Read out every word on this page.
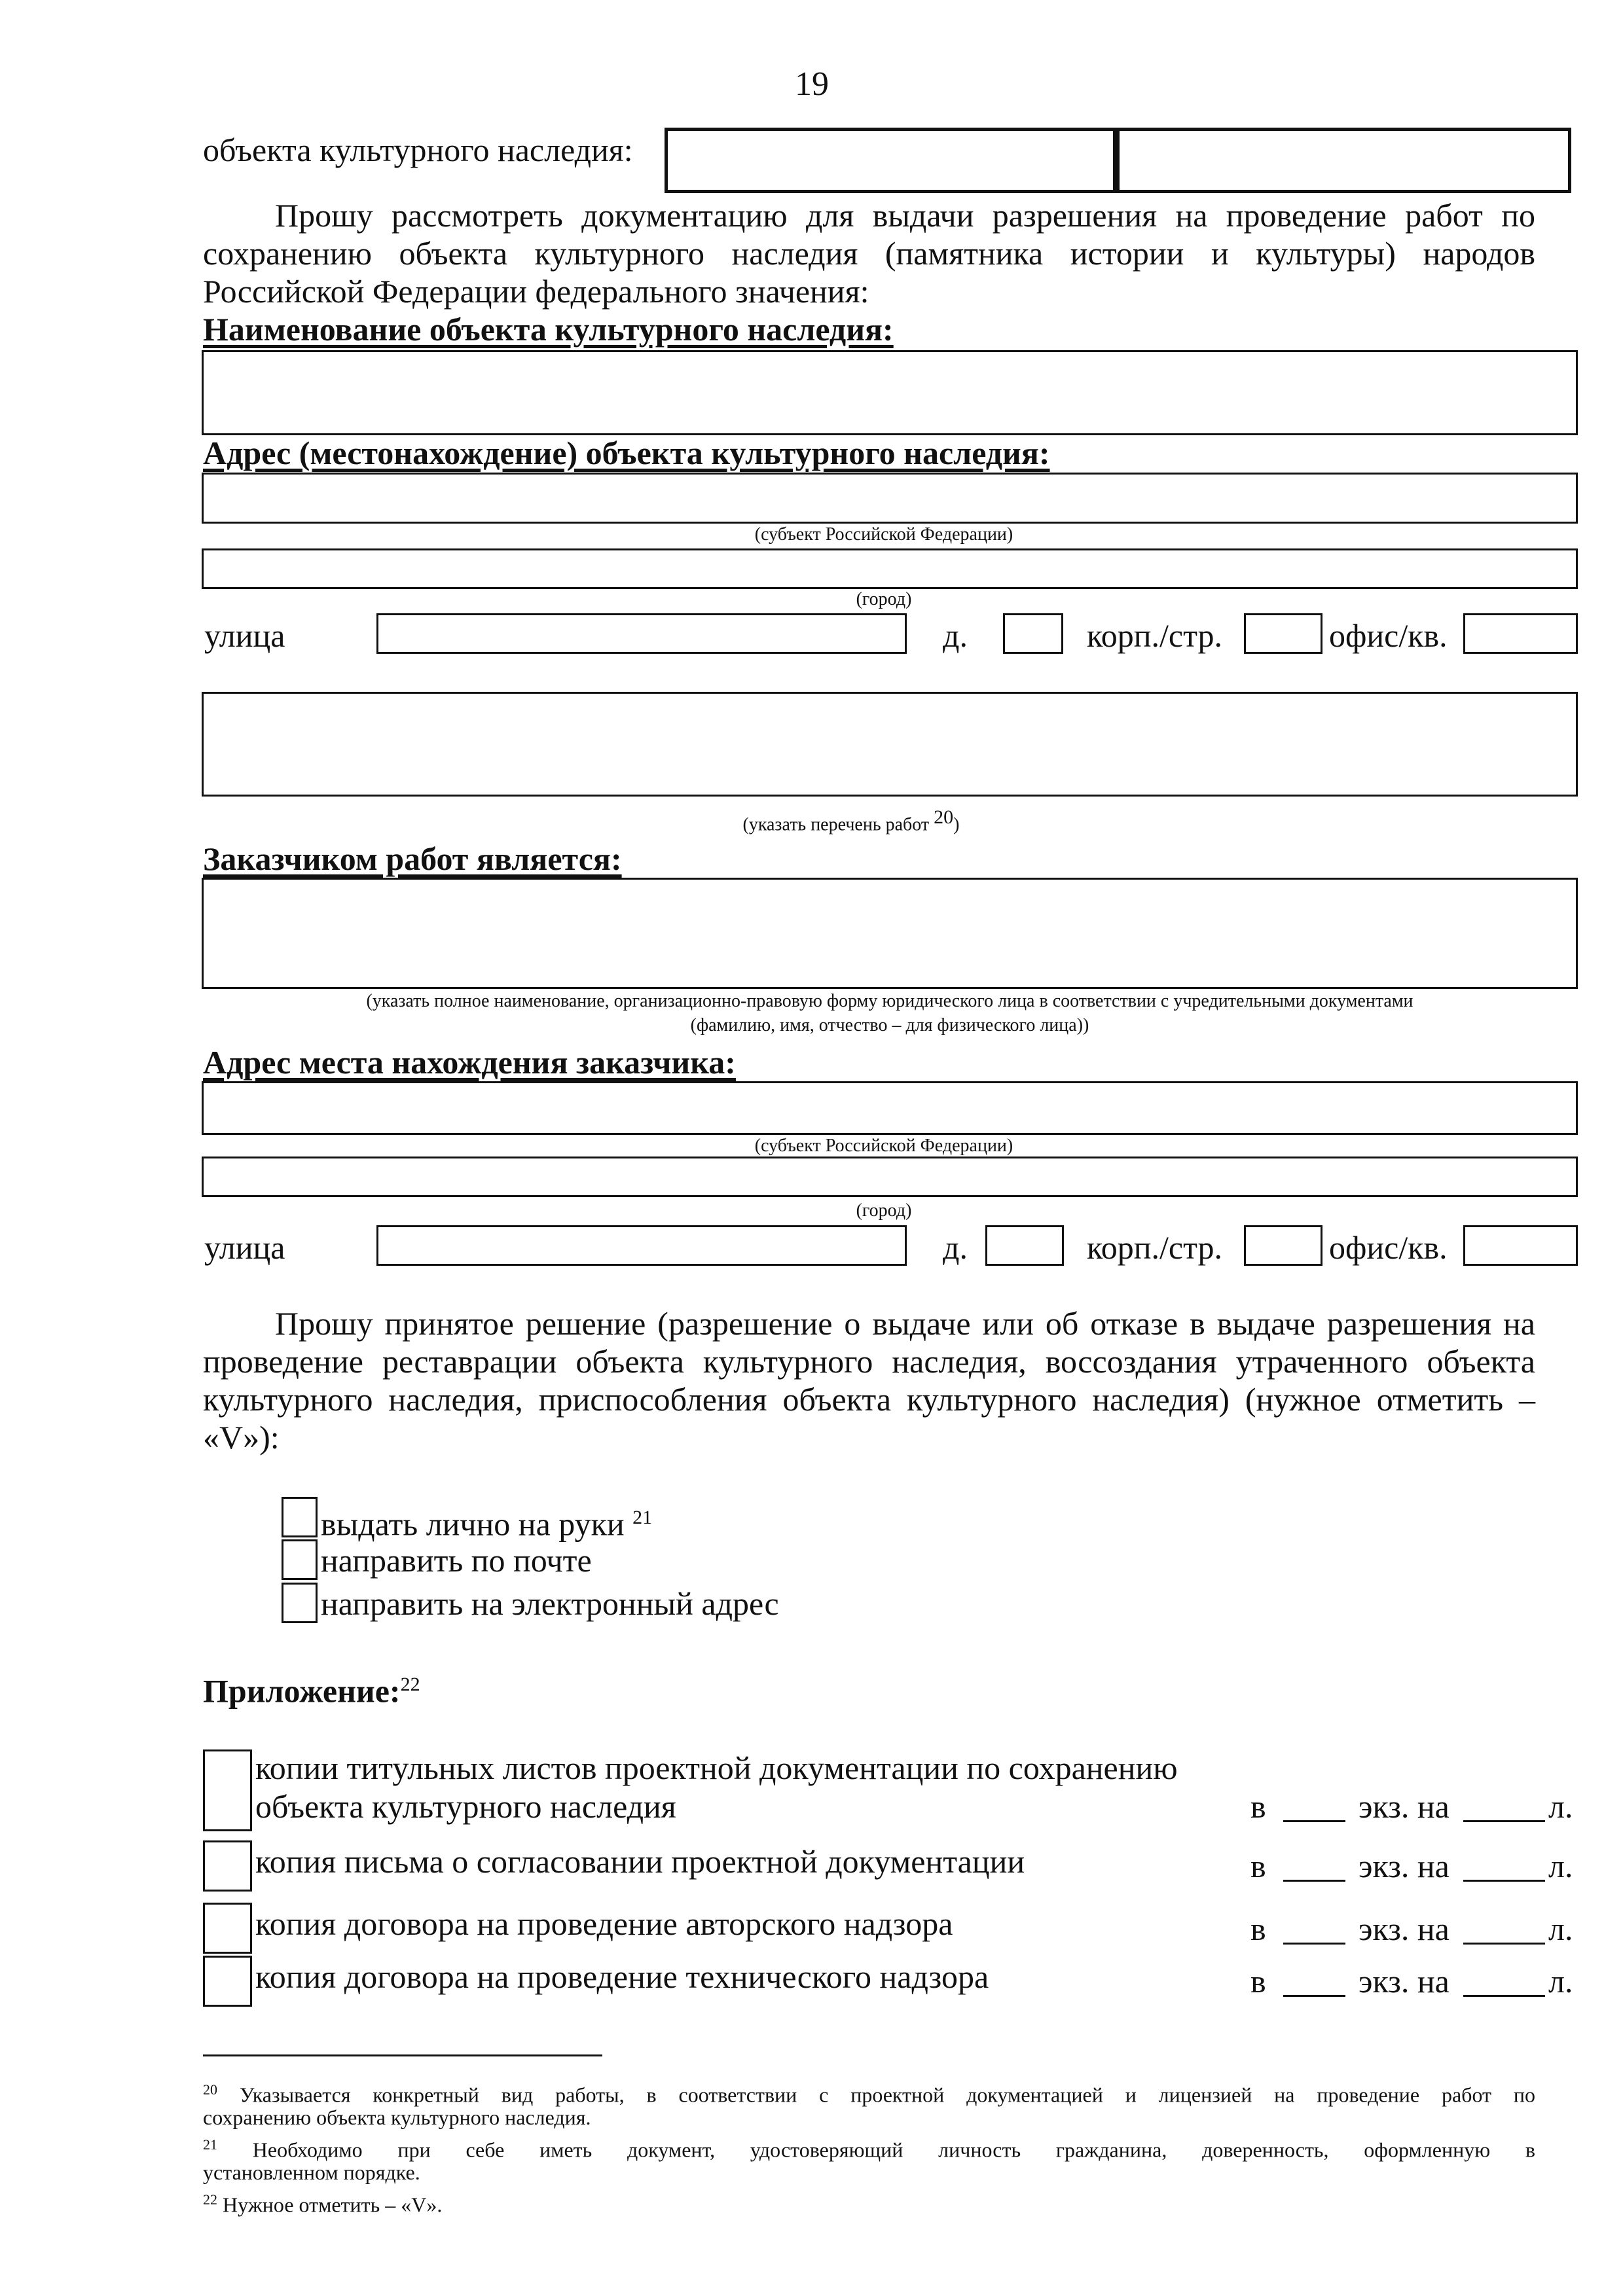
19
объекта культурного наследия:
Прошу рассмотреть документацию для выдачи разрешения на проведение работ по
сохранению объекта культурного наследия (памятника истории и культуры) народов
Российской Федерации федерального значения:
Наименование объекта культурного наследия:
Адрес (местонахождение) объекта культурного наследия:
(субъект Российской Федерации)
(город)
улица	д.	корп./стр.	офис/кв.
(указать перечень работ $^{20}$)
Заказчиком работ является:
(указать полное наименование, организационно-правовую форму юридического лица в соответствии с учредительными документами
(фамилию, имя, отчество – для физического лица))
Адрес места нахождения заказчика:
(субъект Российской Федерации)
(город)
улица	д.	корп./стр.	офис/кв.
Прошу принятое решение (разрешение о выдаче или об отказе в выдаче разрешения на
проведение реставрации объекта культурного наследия, воссоздания утраченного объекта
культурного наследия, приспособления объекта культурного наследия) (нужное отметить –
«V»):
выдать лично на руки $^{21}$
направить по почте
направить на электронный адрес
Приложение:$^{22}$
копии титульных листов проектной документации по сохранению
объекта культурного наследия	в	экз. на	л.
копия письма о согласовании проектной документации	в	экз. на	л.
копия договора на проведение авторского надзора	в	экз. на	л.
копия договора на проведение технического надзора	в	экз. на	л.
$^{20}$ Указывается конкретный вид работы, в соответствии с проектной документацией и лицензией на проведение работ по
сохранению объекта культурного наследия.
$^{21}$ Необходимо при себе иметь документ, удостоверяющий личность гражданина, доверенность, оформленную в
установленном порядке.
$^{22}$ Нужное отметить – «V».
